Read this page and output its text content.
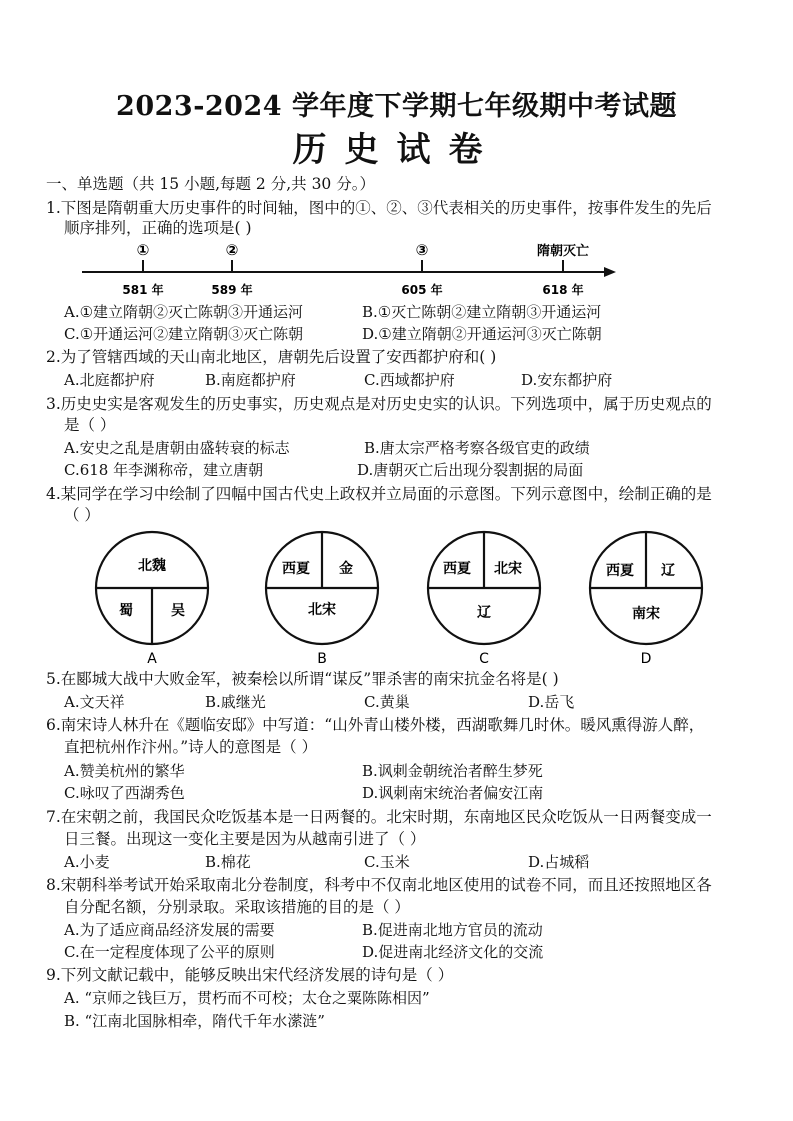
2023-2024 学年度下学期七年级期中考试题
历史试卷
一、单选题（共 15 小题,每题 2 分,共 30 分。）
1.下图是隋朝重大历史事件的时间轴，图中的①、②、③代表相关的历史事件，按事件发生的先后
顺序排列，正确的选项是( )
①	②	③	隋朝灭亡
581 年	589 年	605 年	618 年
A.①建立隋朝②灭亡陈朝③开通运河	B.①灭亡陈朝②建立隋朝③开通运河
C.①开通运河②建立隋朝③灭亡陈朝	D.①建立隋朝②开通运河③灭亡陈朝
2.为了管辖西域的天山南北地区，唐朝先后设置了安西都护府和( )
A.北庭都护府	B.南庭都护府	C.西域都护府	D.安东都护府
3.历史史实是客观发生的历史事实，历史观点是对历史史实的认识。下列选项中，属于历史观点的
是（ ）
A.安史之乱是唐朝由盛转衰的标志	B.唐太宗严格考察各级官吏的政绩
C.618 年李渊称帝，建立唐朝	D.唐朝灭亡后出现分裂割据的局面
4.某同学在学习中绘制了四幅中国古代史上政权并立局面的示意图。下列示意图中，绘制正确的是
（ ）
北魏
蜀	吴
A
西夏 金
北宋
B
西夏 北宋
辽
C
西夏 辽
南宋
D
5.在郾城大战中大败金军，被秦桧以所谓“谋反”罪杀害的南宋抗金名将是( )
A.文天祥	B.戚继光	C.黄巢	D.岳飞
6.南宋诗人林升在《题临安邸》中写道：“山外青山楼外楼，西湖歌舞几时休。暖风熏得游人醉，
直把杭州作汴州。”诗人的意图是（ ）
A.赞美杭州的繁华	B.讽刺金朝统治者醉生梦死
C.咏叹了西湖秀色	D.讽刺南宋统治者偏安江南
7.在宋朝之前，我国民众吃饭基本是一日两餐的。北宋时期，东南地区民众吃饭从一日两餐变成一
日三餐。出现这一变化主要是因为从越南引进了（ ）
A.小麦	B.棉花	C.玉米	D.占城稻
8.宋朝科举考试开始采取南北分卷制度，科考中不仅南北地区使用的试卷不同，而且还按照地区各
自分配名额，分别录取。采取该措施的目的是（ ）
A.为了适应商品经济发展的需要	B.促进南北地方官员的流动
C.在一定程度体现了公平的原则	D.促进南北经济文化的交流
9.下列文献记载中，能够反映出宋代经济发展的诗句是（ ）
A. “京师之钱巨万，贯朽而不可校；太仓之粟陈陈相因”
B. “江南北国脉相牵，隋代千年水潆涟”
